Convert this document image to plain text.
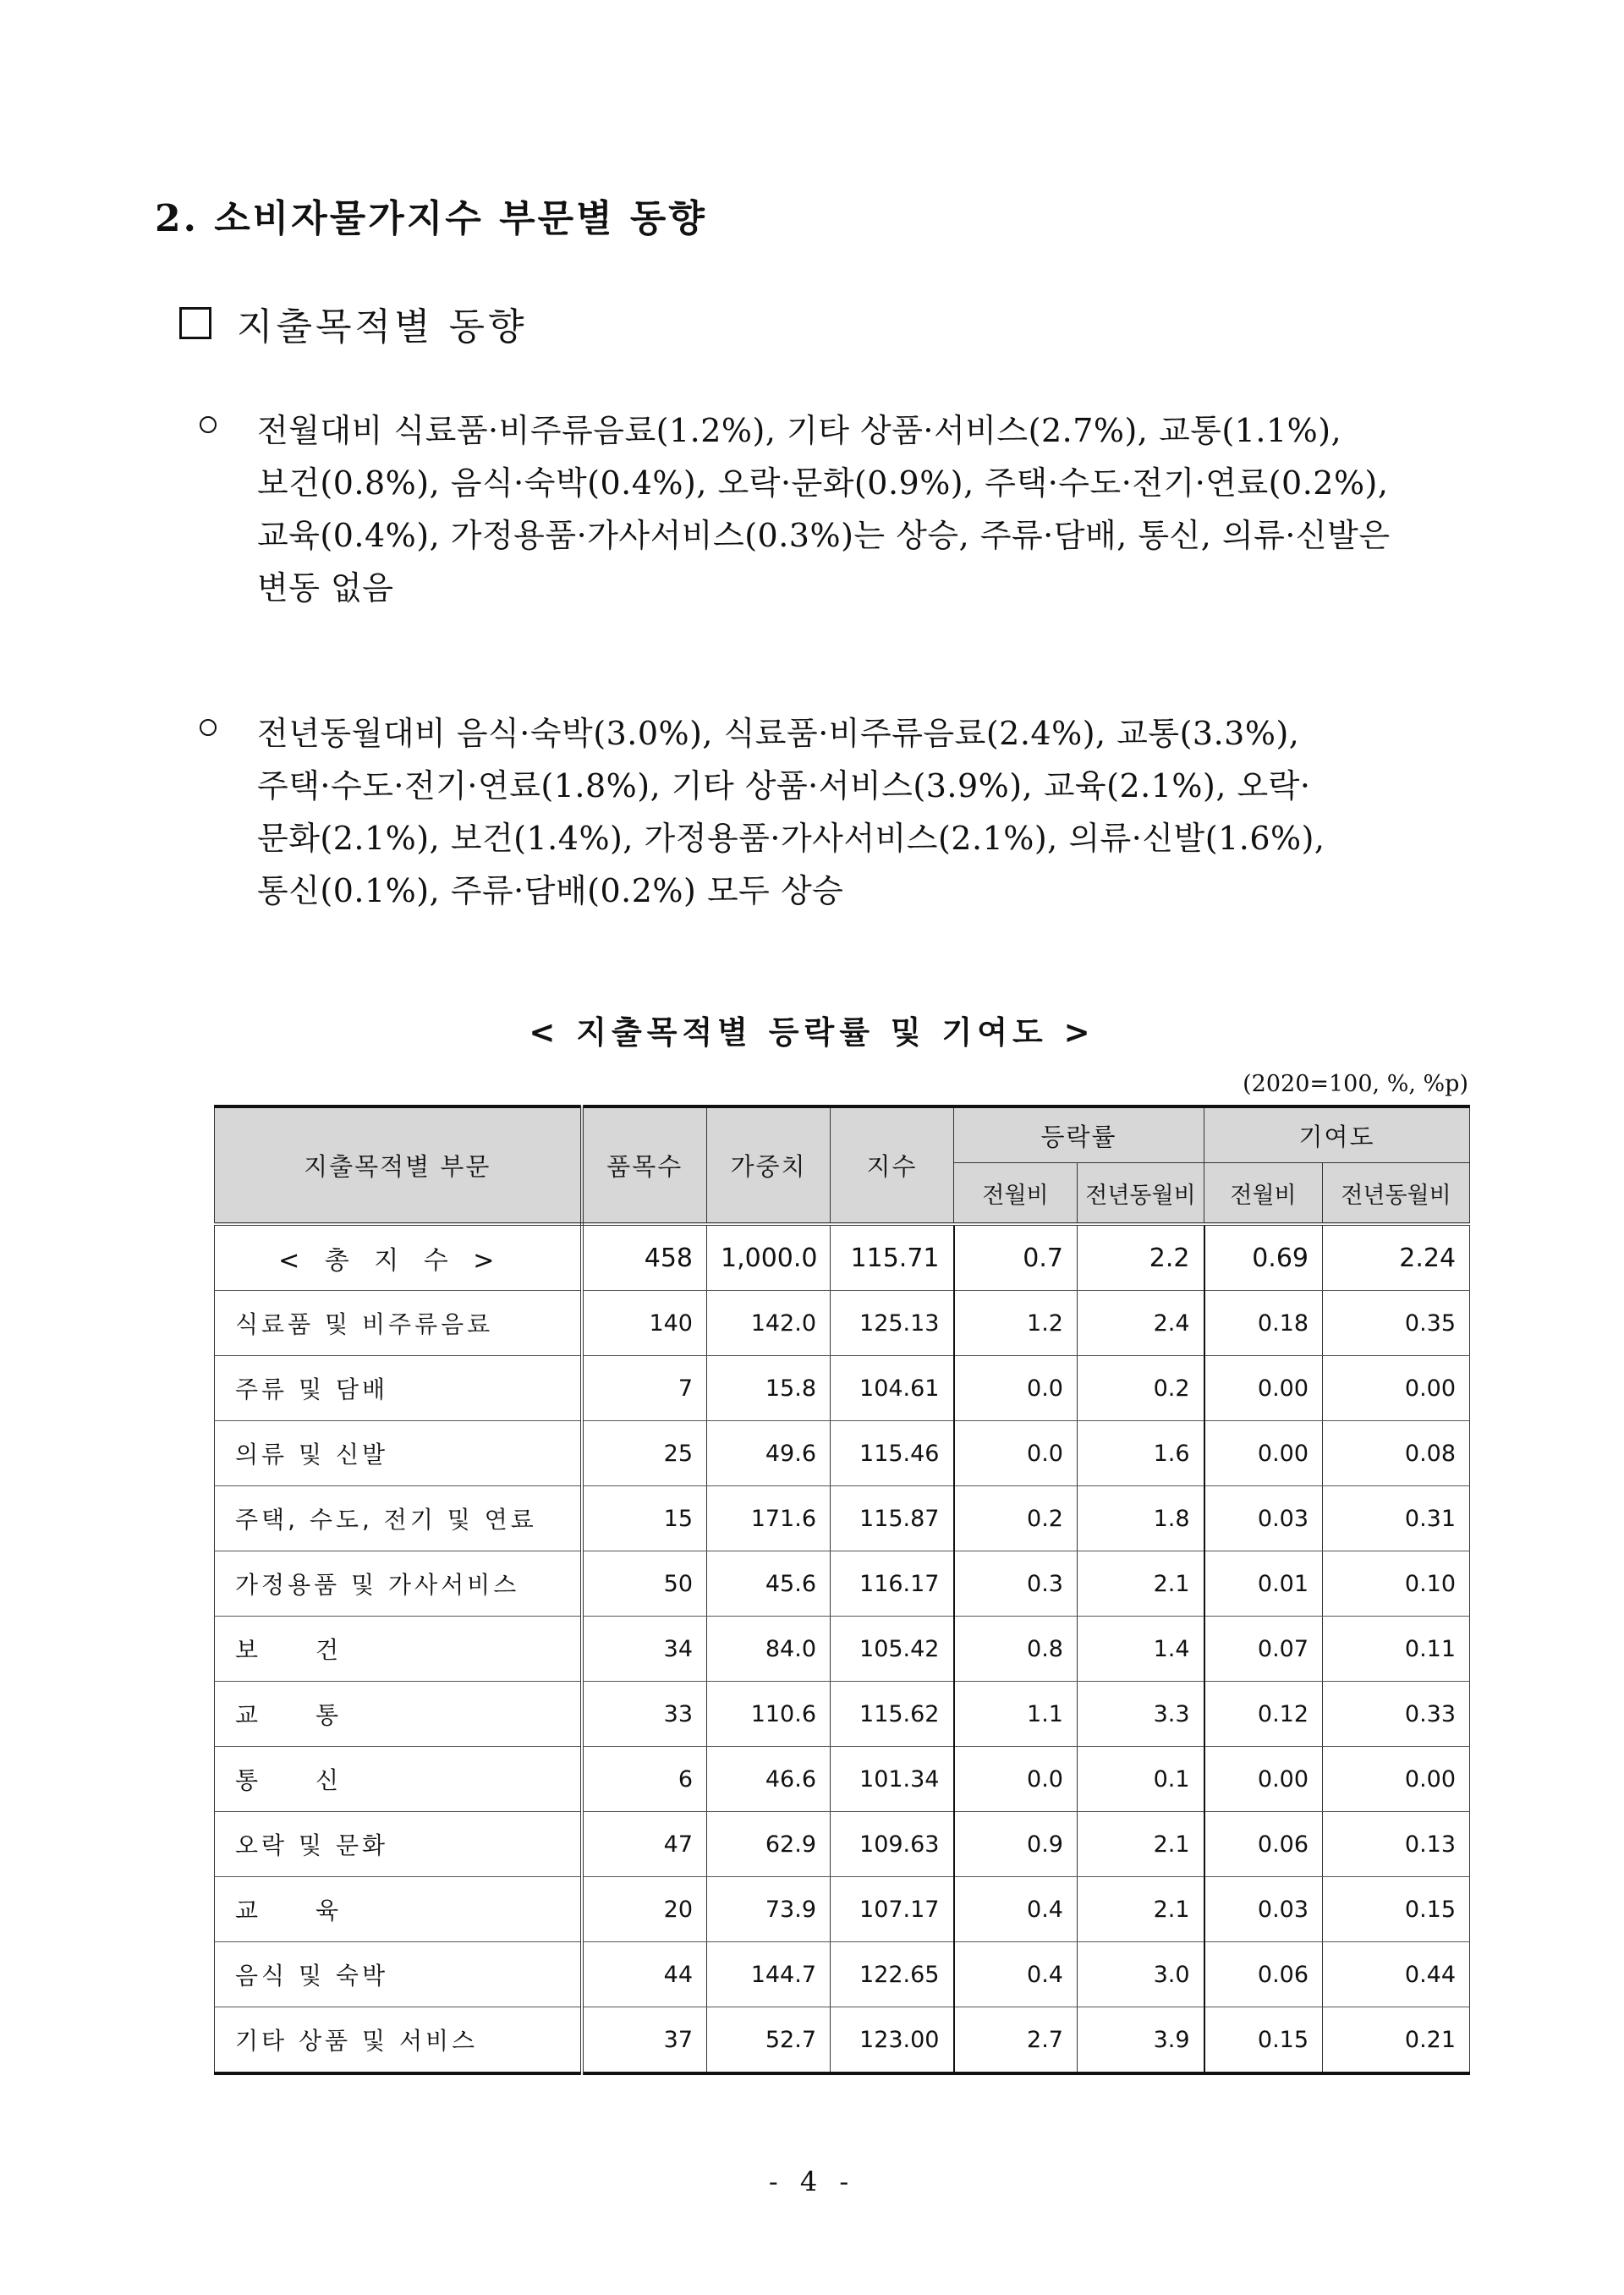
2. 소비자물가지수 부문별 동향
지출목적별 동향

전월대비 식료품·비주류음료(1.2%), 기타 상품·서비스(2.7%), 교통(1.1%),
보건(0.8%), 음식·숙박(0.4%), 오락·문화(0.9%), 주택·수도·전기·연료(0.2%),
교육(0.4%), 가정용품·가사서비스(0.3%)는 상승, 주류·담배, 통신, 의류·신발은
변동 없음

전년동월대비 음식·숙박(3.0%), 식료품·비주류음료(2.4%), 교통(3.3%),
주택·수도·전기·연료(1.8%), 기타 상품·서비스(3.9%), 교육(2.1%), 오락·
문화(2.1%), 보건(1.4%), 가정용품·가사서비스(2.1%), 의류·신발(1.6%),
통신(0.1%), 주류·담배(0.2%) 모두 상승

< 지출목적별 등락률 및 기여도 >
(2020=100, %, %p)
지출목적별 부문	품목수	가중치	지수	등락률		기여도	
				전월비	전년동월비	전월비	전년동월비
< 총 지 수 >	458	1,000.0	115.71	0.7	2.2	0.69	2.24
식료품 및 비주류음료	140	142.0	125.13	1.2	2.4	0.18	0.35
주류 및 담배	7	15.8	104.61	0.0	0.2	0.00	0.00
의류 및 신발	25	49.6	115.46	0.0	1.6	0.00	0.08
주택, 수도, 전기 및 연료	15	171.6	115.87	0.2	1.8	0.03	0.31
가정용품 및 가사서비스	50	45.6	116.17	0.3	2.1	0.01	0.10
보　　건	34	84.0	105.42	0.8	1.4	0.07	0.11
교　　통	33	110.6	115.62	1.1	3.3	0.12	0.33
통　　신	6	46.6	101.34	0.0	0.1	0.00	0.00
오락 및 문화	47	62.9	109.63	0.9	2.1	0.06	0.13
교　　육	20	73.9	107.17	0.4	2.1	0.03	0.15
음식 및 숙박	44	144.7	122.65	0.4	3.0	0.06	0.44
기타 상품 및 서비스	37	52.7	123.00	2.7	3.9	0.15	0.21
- 4 -
